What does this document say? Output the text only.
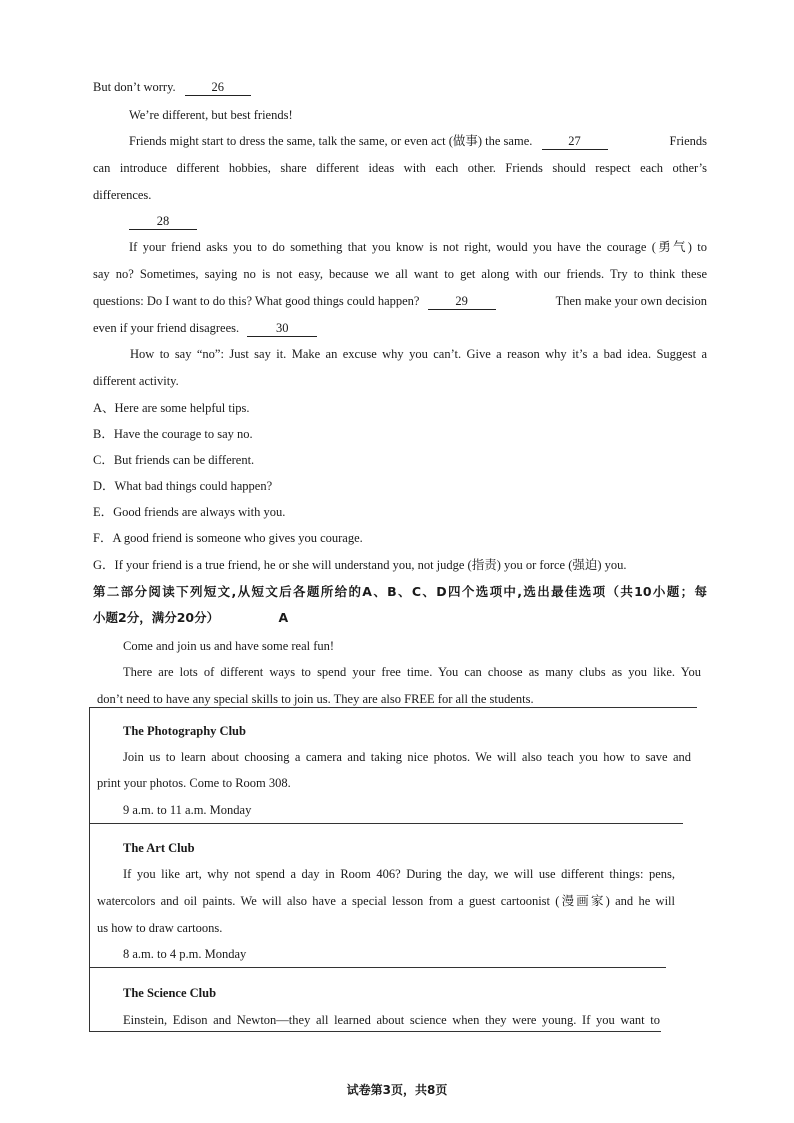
But don’t worry.	26
We’re different, but best friends!
Friends might start to dress the same, talk the same, or even act (做事) the same.	27	Friends
can introduce different hobbies, share different ideas with each other. Friends should respect each other’s
differences.
28
If your friend asks you to do something that you know is not right, would you have the courage (勇气) to
say no? Sometimes, saying no is not easy, because we all want to get along with our friends. Try to think these
questions: Do I want to do this? What good things could happen?	29	Then make your own decision
even if your friend disagrees.	30
How to say “no”: Just say it. Make an excuse why you can’t. Give a reason why it’s a bad idea. Suggest a
different activity.
A、Here are some helpful tips.
B．Have the courage to say no.
C．But friends can be different.
D．What bad things could happen?
E．Good friends are always with you.
F．A good friend is someone who gives you courage.
G．If your friend is a true friend, he or she will understand you, not judge (指责) you or force (强迫) you.
第二部分阅读下列短文,从短文后各题所给的A、B、C、D四个选项中,选出最佳选项（共10小题；每
小题2分，满分20分）	A
Come and join us and have some real fun!
There are lots of different ways to spend your free time. You can choose as many clubs as you like. You
don’t need to have any special skills to join us. They are also FREE for all the students.
The Photography Club
Join us to learn about choosing a camera and taking nice photos. We will also teach you how to save and
print your photos. Come to Room 308.
9 a.m. to 11 a.m. Monday
The Art Club
If you like art, why not spend a day in Room 406? During the day, we will use different things: pens,
watercolors and oil paints. We will also have a special lesson from a guest cartoonist (漫画家) and he will
us how to draw cartoons.
8 a.m. to 4 p.m. Monday
The Science Club
Einstein, Edison and Newton—they all learned about science when they were young. If you want to
试卷第3页，共8页
